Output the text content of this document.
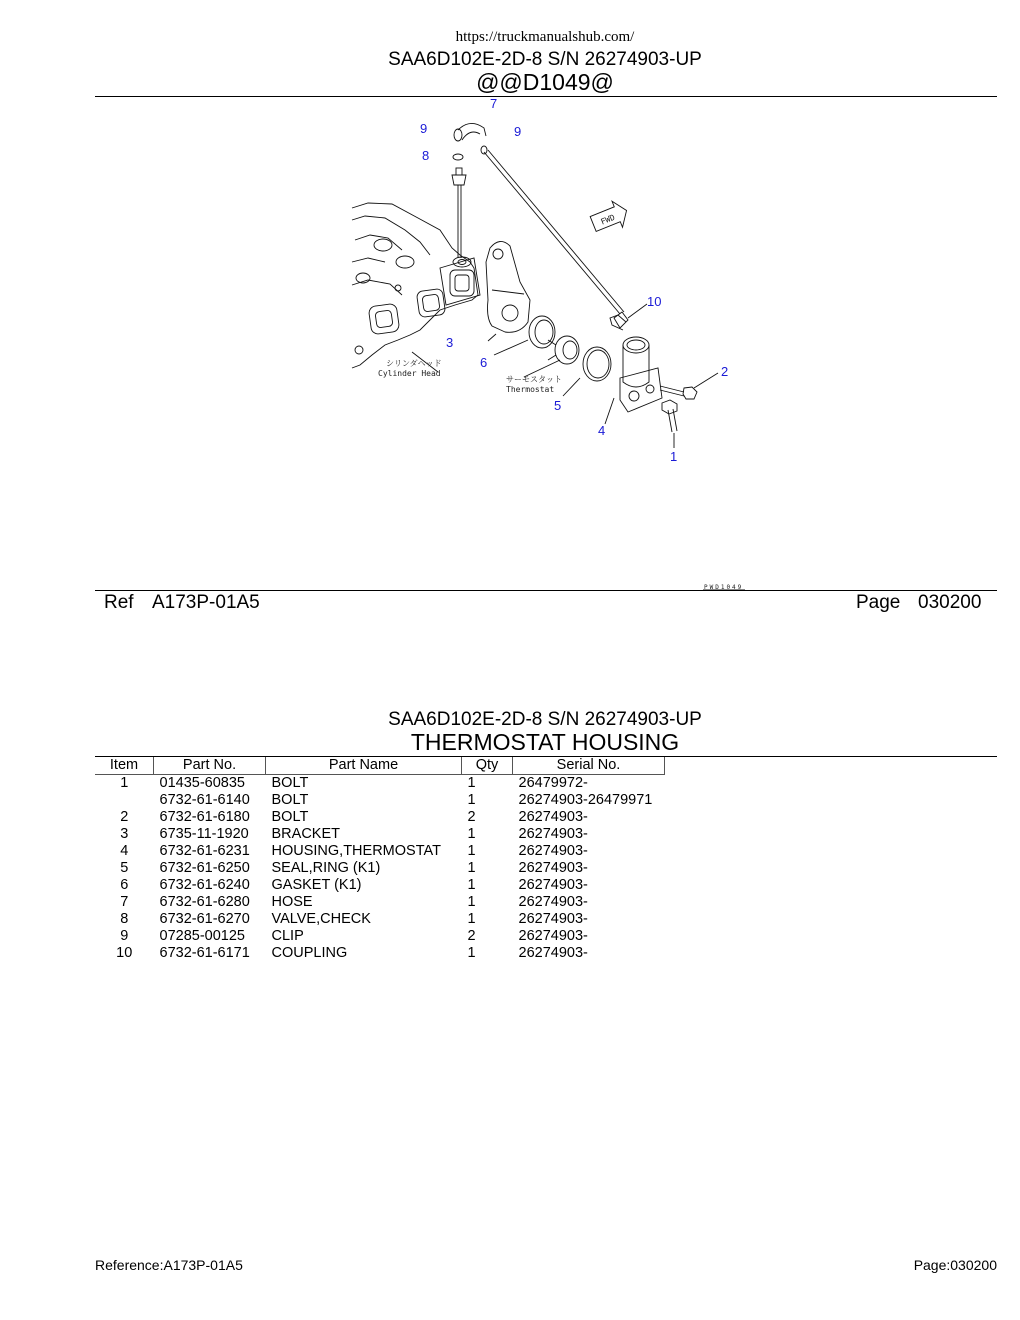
https://truckmanualshub.com/
SAA6D102E-2D-8 S/N 26274903-UP
@@D1049@
7
9	9
8
10
3
6
2
5
4
1
シリンダヘッド
Cylinder Head
サーモスタット
Thermostat
FWD
PWD1049
Ref A173P-01A5	Page 030200
SAA6D102E-2D-8 S/N 26274903-UP
THERMOSTAT HOUSING
Item	Part No.	Part Name	Qty	Serial No.
1	01435-60835	BOLT	1	26479972-
	6732-61-6140	BOLT	1	26274903-26479971
2	6732-61-6180	BOLT	2	26274903-
3	6735-11-1920	BRACKET	1	26274903-
4	6732-61-6231	HOUSING,THERMOSTAT	1	26274903-
5	6732-61-6250	SEAL,RING (K1)	1	26274903-
6	6732-61-6240	GASKET (K1)	1	26274903-
7	6732-61-6280	HOSE	1	26274903-
8	6732-61-6270	VALVE,CHECK	1	26274903-
9	07285-00125	CLIP	2	26274903-
10	6732-61-6171	COUPLING	1	26274903-
Reference:A173P-01A5	Page:030200
